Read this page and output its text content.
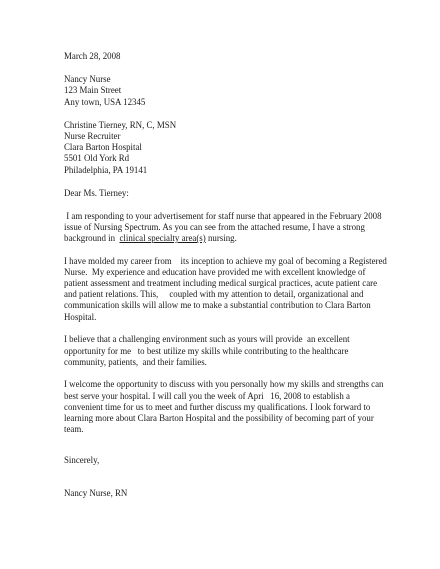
March 28, 2008
Nancy Nurse
123 Main Street
Any town, USA 12345
Christine Tierney, RN, C, MSN
Nurse Recruiter
Clara Barton Hospital
5501 Old York Rd
Philadelphia, PA 19141
Dear Ms. Tierney:
I am responding to your advertisement for staff nurse that appeared in the February 2008
issue of Nursing Spectrum. As you can see from the attached resume, I have a strong
background in  clinical specialty area(s) nursing.
I have molded my career from    its inception to achieve my goal of becoming a Registered
Nurse.  My experience and education have provided me with excellent knowledge of
patient assessment and treatment including medical surgical practices, acute patient care
and patient relations. This,     coupled with my attention to detail, organizational and
communication skills will allow me to make a substantial contribution to Clara Barton
Hospital.
I believe that a challenging environment such as yours will provide  an excellent
opportunity for me   to best utilize my skills while contributing to the healthcare
community, patients,  and their families.
I welcome the opportunity to discuss with you personally how my skills and strengths can
best serve your hospital. I will call you the week of Apri   16, 2008 to establish a
convenient time for us to meet and further discuss my qualifications. I look forward to
learning more about Clara Barton Hospital and the possibility of becoming part of your
team.
Sincerely,
Nancy Nurse, RN
